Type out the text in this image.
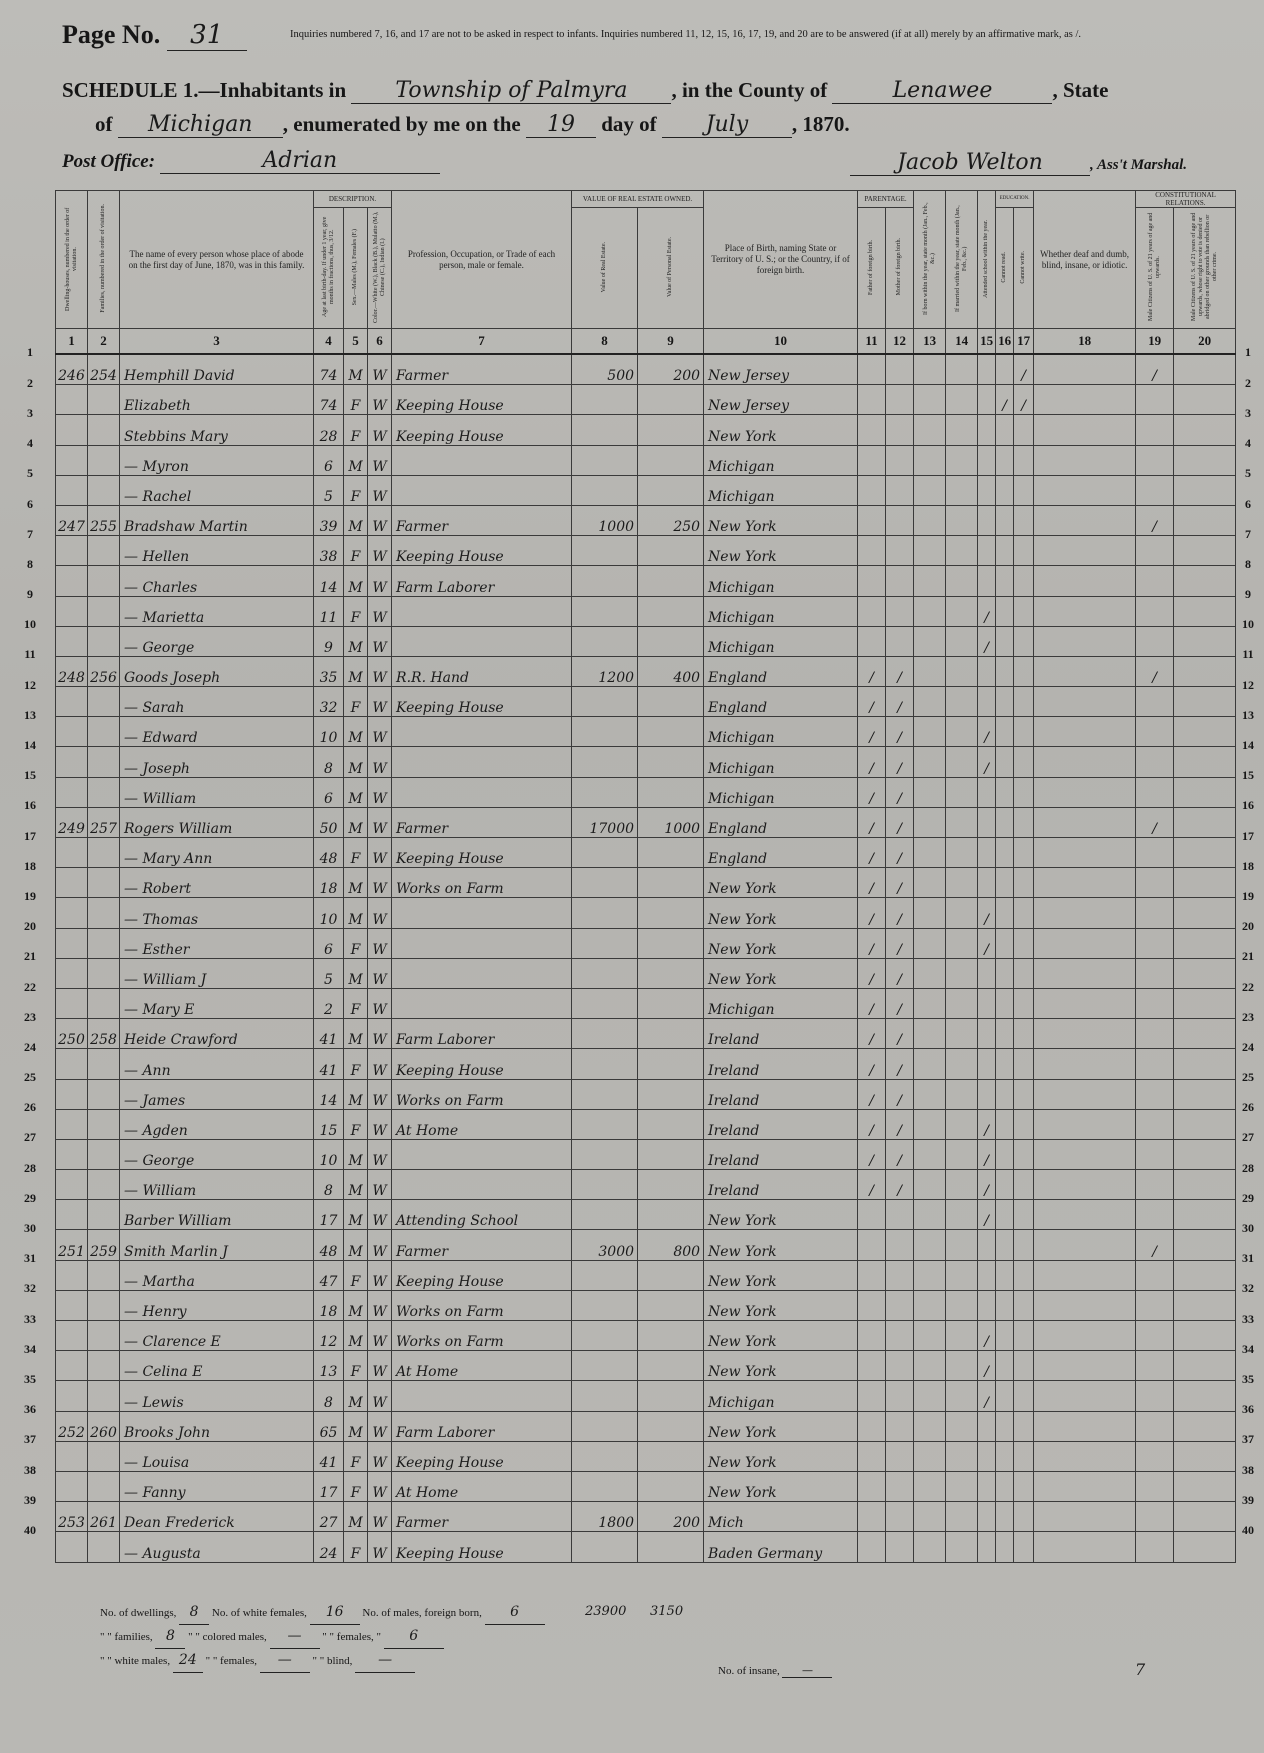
Page No. 31	Inquiries numbered 7, 16, and 17 are not to be asked in respect to infants. Inquiries numbered 11, 12, 15, 16, 17, 19, and 20 are to be answered (if at all) merely by an affirmative mark, as /.
SCHEDULE 1.—Inhabitants in Township of Palmyra , in the County of	Lenawee	, State
of Michigan , enumerated by me on the 19 day of July , 1870.
Post Office:	Adrian	Jacob Welton	, Ass't Marshal.
Dwelling-houses, numbered in the order of visitation.	Families, numbered in the order of visitation.	The name of every person whose place of abode on the first day of June, 1870, was in this family.	DESCRIPTION.			Profession, Occupation, or Trade of each person, male or female.	VALUE OF REAL ESTATE OWNED.		Place of Birth, naming State or Territory of U. S.; or the Country, if of foreign birth.	PARENTAGE.		If born within the year, state month (Jan., Feb., &c.)	If married within the year, state month (Jan., Feb., &c.)	Attended school within the year.	EDUCATION.		Whether deaf and dumb, blind, insane, or idiotic.	CONSTITUTIONAL RELATIONS.	
			Age at last birth-day. If under 1 year, give months in fractions, thus, 3/12.	Sex.—Males (M.), Females (F.)	Color.—White (W.), Black (B.), Mulatto (M.), Chinese (C.), Indian (I.)		Value of Real Estate.	Value of Personal Estate.		Father of foreign birth.	Mother of foreign birth.				Cannot read.	Cannot write.		Male Citizens of U. S. of 21 years of age and upwards.	Male Citizens of U. S. of 21 years of age and upwards, whose right to vote is denied or abridged on other grounds than rebellion or other crime.
1	2	3	4	5	6	7	8	9	10	11	12	13	14	15	16	17	18	19	20
246	254	Hemphill David	74	M	W	Farmer	500	200	New Jersey							/		/	
		Elizabeth	74	F	W	Keeping House			New Jersey						/	/			
		Stebbins Mary	28	F	W	Keeping House			New York										
		— Myron	6	M	W				Michigan										
		— Rachel	5	F	W				Michigan										
247	255	Bradshaw Martin	39	M	W	Farmer	1000	250	New York									/	
		— Hellen	38	F	W	Keeping House			New York										
		— Charles	14	M	W	Farm Laborer			Michigan										
		— Marietta	11	F	W				Michigan					/					
		— George	9	M	W				Michigan					/					
248	256	Goods Joseph	35	M	W	R.R. Hand	1200	400	England	/	/							/	
		— Sarah	32	F	W	Keeping House			England	/	/								
		— Edward	10	M	W				Michigan	/	/			/					
		— Joseph	8	M	W				Michigan	/	/			/					
		— William	6	M	W				Michigan	/	/								
249	257	Rogers William	50	M	W	Farmer	17000	1000	England	/	/							/	
		— Mary Ann	48	F	W	Keeping House			England	/	/								
		— Robert	18	M	W	Works on Farm			New York	/	/								
		— Thomas	10	M	W				New York	/	/			/					
		— Esther	6	F	W				New York	/	/			/					
		— William J	5	M	W				New York	/	/								
		— Mary E	2	F	W				Michigan	/	/								
250	258	Heide Crawford	41	M	W	Farm Laborer			Ireland	/	/								
		— Ann	41	F	W	Keeping House			Ireland	/	/								
		— James	14	M	W	Works on Farm			Ireland	/	/								
		— Agden	15	F	W	At Home			Ireland	/	/			/					
		— George	10	M	W				Ireland	/	/			/					
		— William	8	M	W				Ireland	/	/			/					
		Barber William	17	M	W	Attending School			New York					/					
251	259	Smith Marlin J	48	M	W	Farmer	3000	800	New York									/	
		— Martha	47	F	W	Keeping House			New York										
		— Henry	18	M	W	Works on Farm			New York										
		— Clarence E	12	M	W	Works on Farm			New York					/					
		— Celina E	13	F	W	At Home			New York					/					
		— Lewis	8	M	W				Michigan					/					
252	260	Brooks John	65	M	W	Farm Laborer			New York										
		— Louisa	41	F	W	Keeping House			New York										
		— Fanny	17	F	W	At Home			New York										
253	261	Dean Frederick	27	M	W	Farmer	1800	200	Mich										
		— Augusta	24	F	W	Keeping House			Baden Germany										
No. of dwellings, 8 No. of white females, 16 No. of males, foreign born, 6
" " families, 8 " " colored males, — " " females, " 6
" " white males, 24 " " females, — " " blind, —
23900 3150
No. of insane, —	7
1
2
3
4
5
6
7
8
9
10
11
12
13
14
15
16
17
18
19
20
21
22
23
24
25
26
27
28
29
30
31
32
33
34
35
36
37
38
39
40
1
2
3
4
5
6
7
8
9
10
11
12
13
14
15
16
17
18
19
20
21
22
23
24
25
26
27
28
29
30
31
32
33
34
35
36
37
38
39
40
